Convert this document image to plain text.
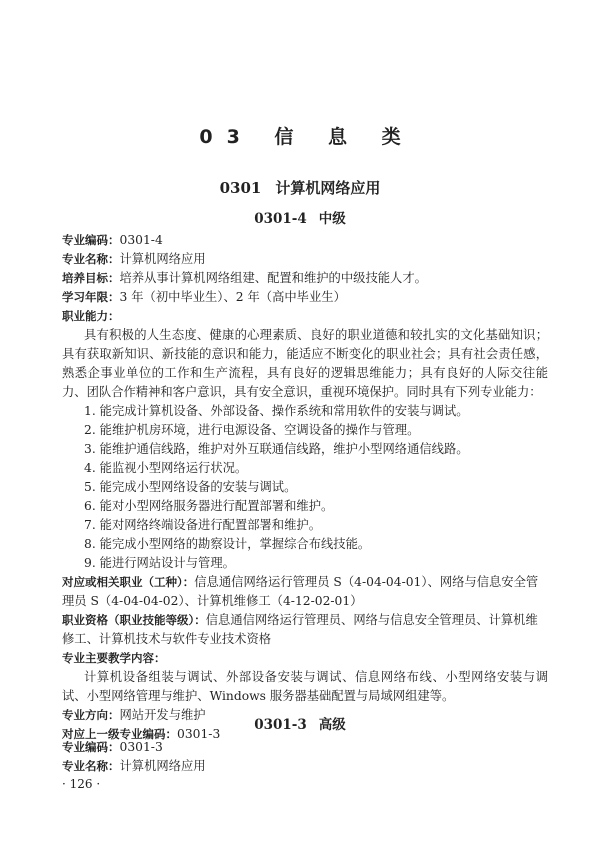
03 信 息 类
0301 计算机网络应用
0301-4 中级
专业编码：0301-4
专业名称：计算机网络应用
培养目标：培养从事计算机网络组建、配置和维护的中级技能人才。
学习年限：3 年（初中毕业生）、2 年（高中毕业生）
职业能力：
具有积极的人生态度、健康的心理素质、良好的职业道德和较扎实的文化基础知识；具有获取新知识、新技能的意识和能力，能适应不断变化的职业社会；具有社会责任感，熟悉企事业单位的工作和生产流程，具有良好的逻辑思维能力；具有良好的人际交往能力、团队合作精神和客户意识，具有安全意识，重视环境保护。同时具有下列专业能力：
1. 能完成计算机设备、外部设备、操作系统和常用软件的安装与调试。
2. 能维护机房环境，进行电源设备、空调设备的操作与管理。
3. 能维护通信线路，维护对外互联通信线路，维护小型网络通信线路。
4. 能监视小型网络运行状况。
5. 能完成小型网络设备的安装与调试。
6. 能对小型网络服务器进行配置部署和维护。
7. 能对网络终端设备进行配置部署和维护。
8. 能完成小型网络的勘察设计，掌握综合布线技能。
9. 能进行网站设计与管理。
对应或相关职业（工种）：信息通信网络运行管理员 S（4-04-04-01）、网络与信息安全管理员 S（4-04-04-02）、计算机维修工（4-12-02-01）
职业资格（职业技能等级）：信息通信网络运行管理员、网络与信息安全管理员、计算机维修工、计算机技术与软件专业技术资格
专业主要教学内容：
计算机设备组装与调试、外部设备安装与调试、信息网络布线、小型网络安装与调试、小型网络管理与维护、Windows 服务器基础配置与局域网组建等。
专业方向：网站开发与维护
对应上一级专业编码：0301-3
0301-3 高级
专业编码：0301-3
专业名称：计算机网络应用
· 126 ·
